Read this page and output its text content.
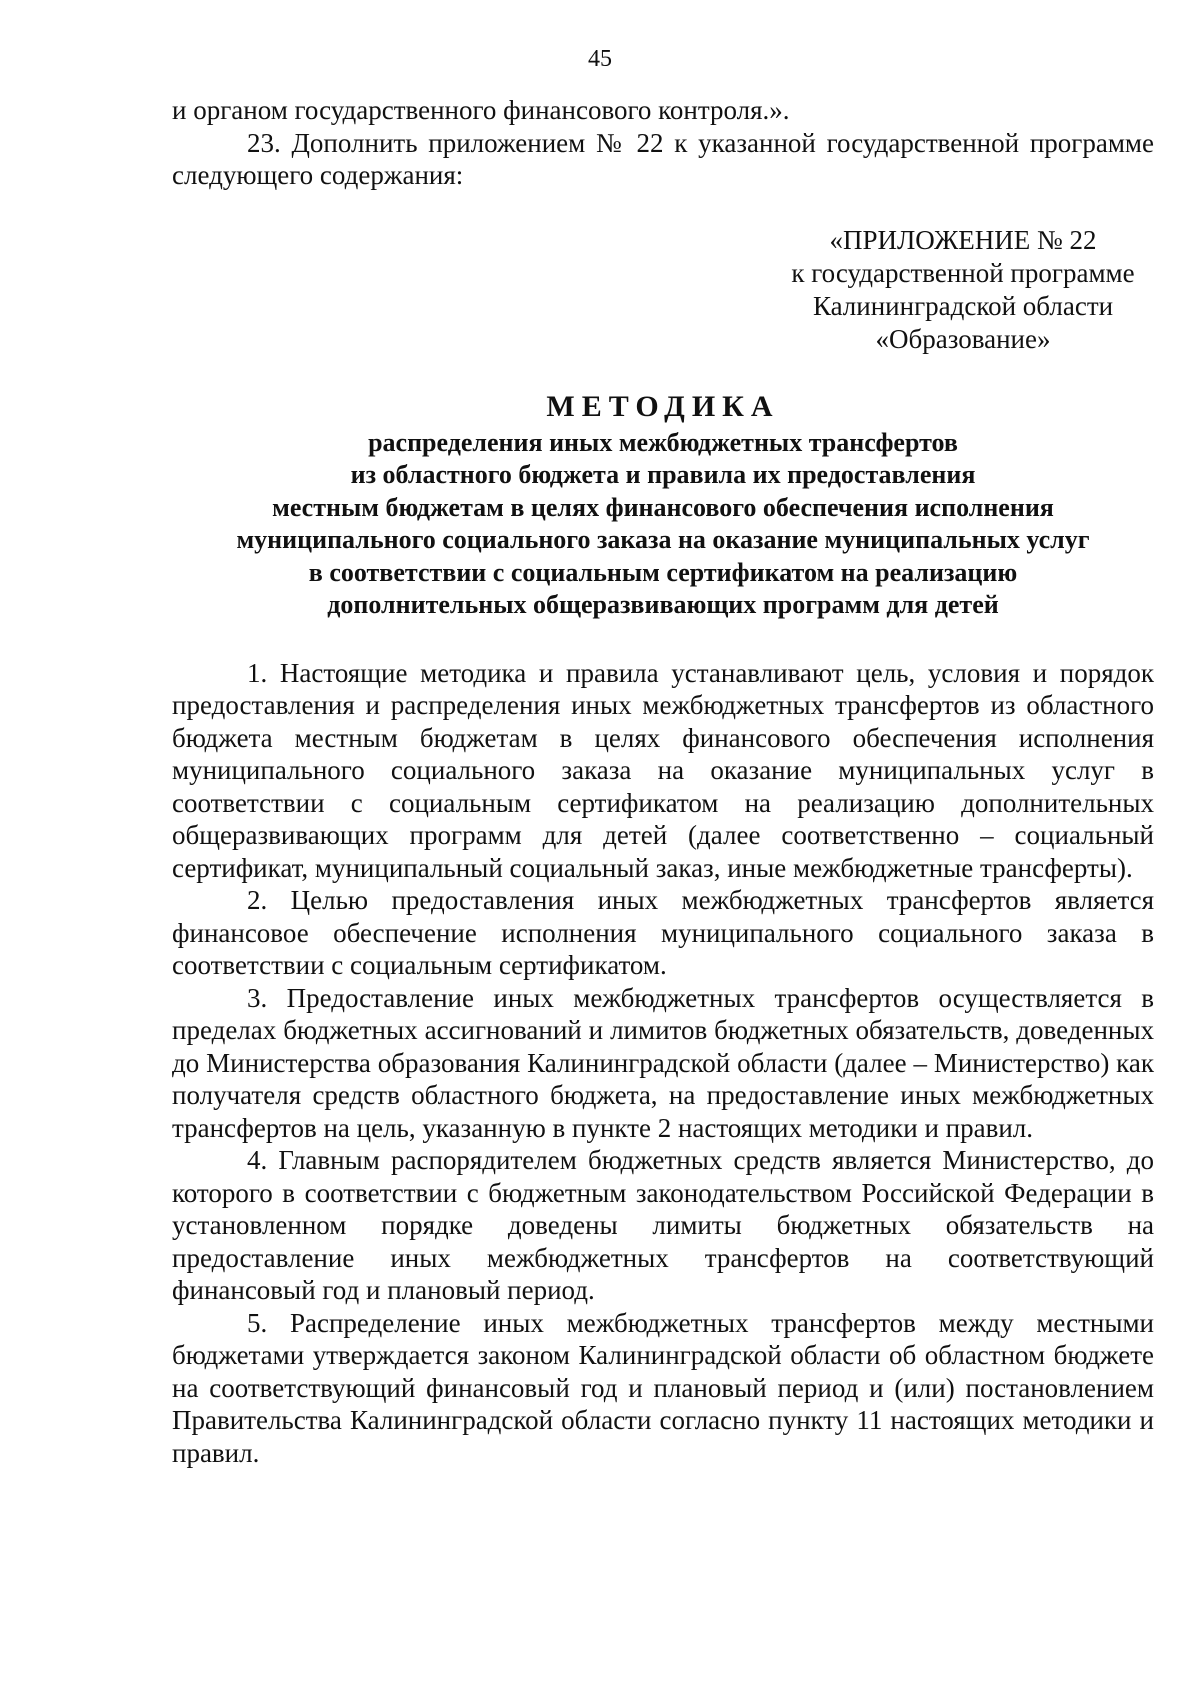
45

и органом государственного финансового контроля.».

23. Дополнить приложением № 22 к указанной государственной программе следующего содержания:

«ПРИЛОЖЕНИЕ № 22
к государственной программе
Калининградской области
«Образование»
МЕТОДИКА
распределения иных межбюджетных трансфертов
из областного бюджета и правила их предоставления
местным бюджетам в целях финансового обеспечения исполнения
муниципального социального заказа на оказание муниципальных услуг
в соответствии с социальным сертификатом на реализацию
дополнительных общеразвивающих программ для детей

1. Настоящие методика и правила устанавливают цель, условия и порядок предоставления и распределения иных межбюджетных трансфертов из областного бюджета местным бюджетам в целях финансового обеспечения исполнения муниципального социального заказа на оказание муниципальных услуг в соответствии с социальным сертификатом на реализацию дополнительных общеразвивающих программ для детей (далее соответственно – социальный сертификат, муниципальный социальный заказ, иные межбюджетные трансферты).

2. Целью предоставления иных межбюджетных трансфертов является финансовое обеспечение исполнения муниципального социального заказа в соответствии с социальным сертификатом.

3. Предоставление иных межбюджетных трансфертов осуществляется в пределах бюджетных ассигнований и лимитов бюджетных обязательств, доведенных до Министерства образования Калининградской области (далее – Министерство) как получателя средств областного бюджета, на предоставление иных межбюджетных трансфертов на цель, указанную в пункте 2 настоящих методики и правил.

4. Главным распорядителем бюджетных средств является Министерство, до которого в соответствии с бюджетным законодательством Российской Федерации в установленном порядке доведены лимиты бюджетных обязательств на предоставление иных межбюджетных трансфертов на соответствующий финансовый год и плановый период.

5. Распределение иных межбюджетных трансфертов между местными бюджетами утверждается законом Калининградской области об областном бюджете на соответствующий финансовый год и плановый период и (или) постановлением Правительства Калининградской области согласно пункту 11 настоящих методики и правил.
